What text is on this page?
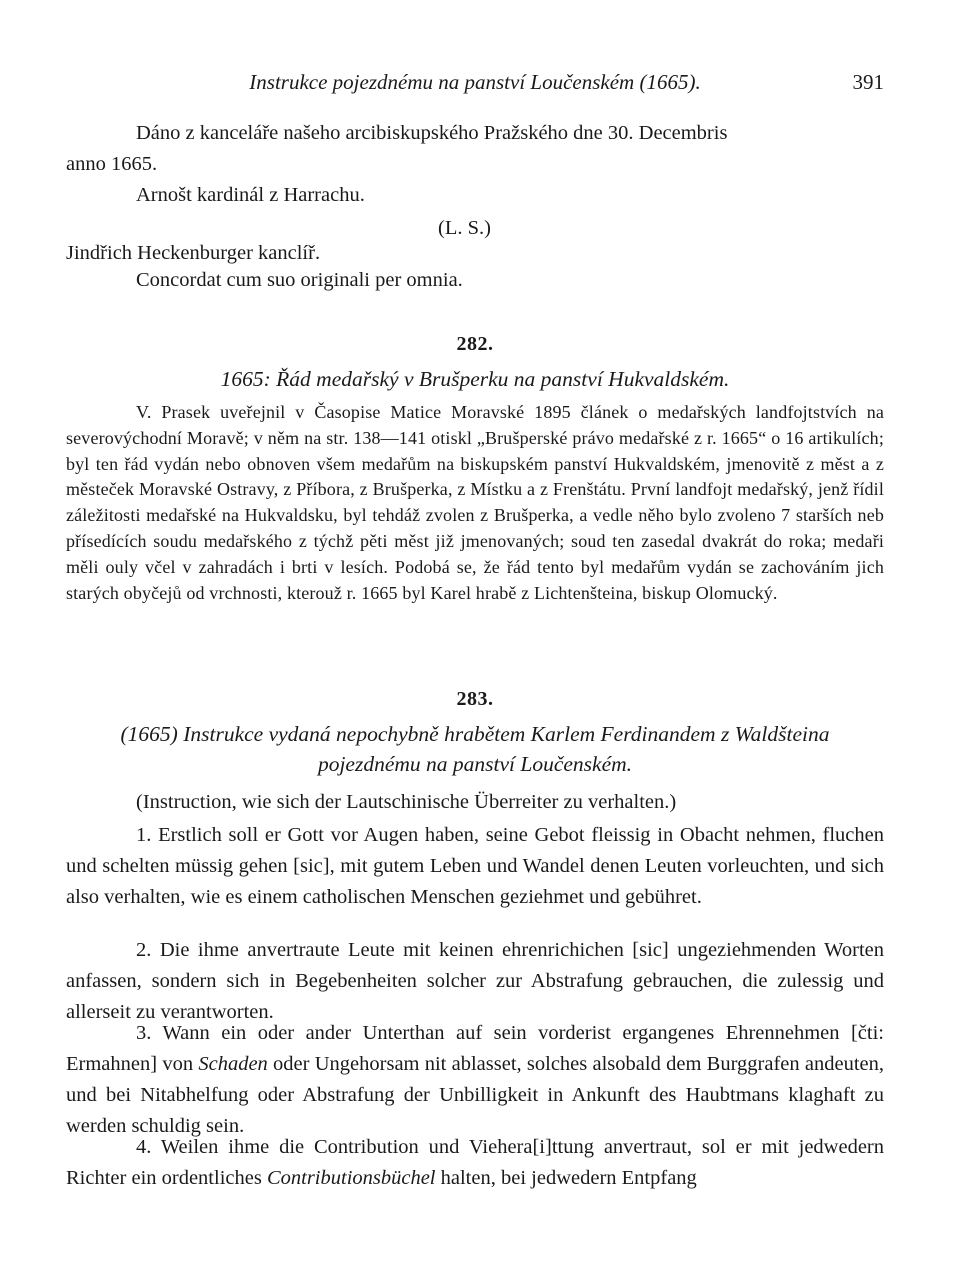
Instrukce pojezdnému na panství Loučenském (1665).	391
Dáno z kanceláře našeho arcibiskupského Pražského dne 30. Decembris
anno 1665.
Arnošt kardinál z Harrachu.
(L. S.)
Jindřich Heckenburger kanclíř.
Concordat cum suo originali per omnia.
282.
1665: Řád medařský v Brušperku na panství Hukvaldském.
V. Prasek uveřejnil v Časopise Matice Moravské 1895 článek o medařských landfojtstvích na severovýchodní Moravě; v něm na str. 138—141 otiskl „Brušperské právo medařské z r. 1665“ o 16 artikulích; byl ten řád vydán nebo obnoven všem medařům na biskupském panství Hukvaldském, jmenovitě z měst a z městeček Moravské Ostravy, z Příbora, z Brušperka, z Místku a z Frenštátu. První landfojt medařský, jenž řídil záležitosti medařské na Hukvaldsku, byl tehdáž zvolen z Brušperka, a vedle něho bylo zvoleno 7 starších neb přísedících soudu medařského z týchž pěti měst již jmenovaných; soud ten zasedal dvakrát do roka; medaři měli ouly včel v zahradách i brti v lesích. Podobá se, že řád tento byl medařům vydán se zachováním jich starých obyčejů od vrchnosti, kterouž r. 1665 byl Karel hrabě z Lichtenšteina, biskup Olomucký.
283.
(1665) Instrukce vydaná nepochybně hrabětem Karlem Ferdinandem z Waldšteina
pojezdnému na panství Loučenském.
(Instruction, wie sich der Lautschinische Überreiter zu verhalten.)
1. Erstlich soll er Gott vor Augen haben, seine Gebot fleissig in Obacht nehmen, fluchen und schelten müssig gehen [sic], mit gutem Leben und Wandel denen Leuten vorleuchten, und sich also verhalten, wie es einem catholischen Menschen geziehmet und gebühret.
2. Die ihme anvertraute Leute mit keinen ehrenrichichen [sic] ungeziehmenden Worten anfassen, sondern sich in Begebenheiten solcher zur Abstrafung gebrauchen, die zulessig und allerseit zu verantworten.
3. Wann ein oder ander Unterthan auf sein vorderist ergangenes Ehrennehmen [čti: Ermahnen] von Schaden oder Ungehorsam nit ablasset, solches alsobald dem Burggrafen andeuten, und bei Nitabhelfung oder Abstrafung der Unbilligkeit in Ankunft des Haubtmans klaghaft zu werden schuldig sein.
4. Weilen ihme die Contribution und Viehera[i]ttung anvertraut, sol er mit jedwedern Richter ein ordentliches Contributionsbüchel halten, bei jedwedern Entpfang
